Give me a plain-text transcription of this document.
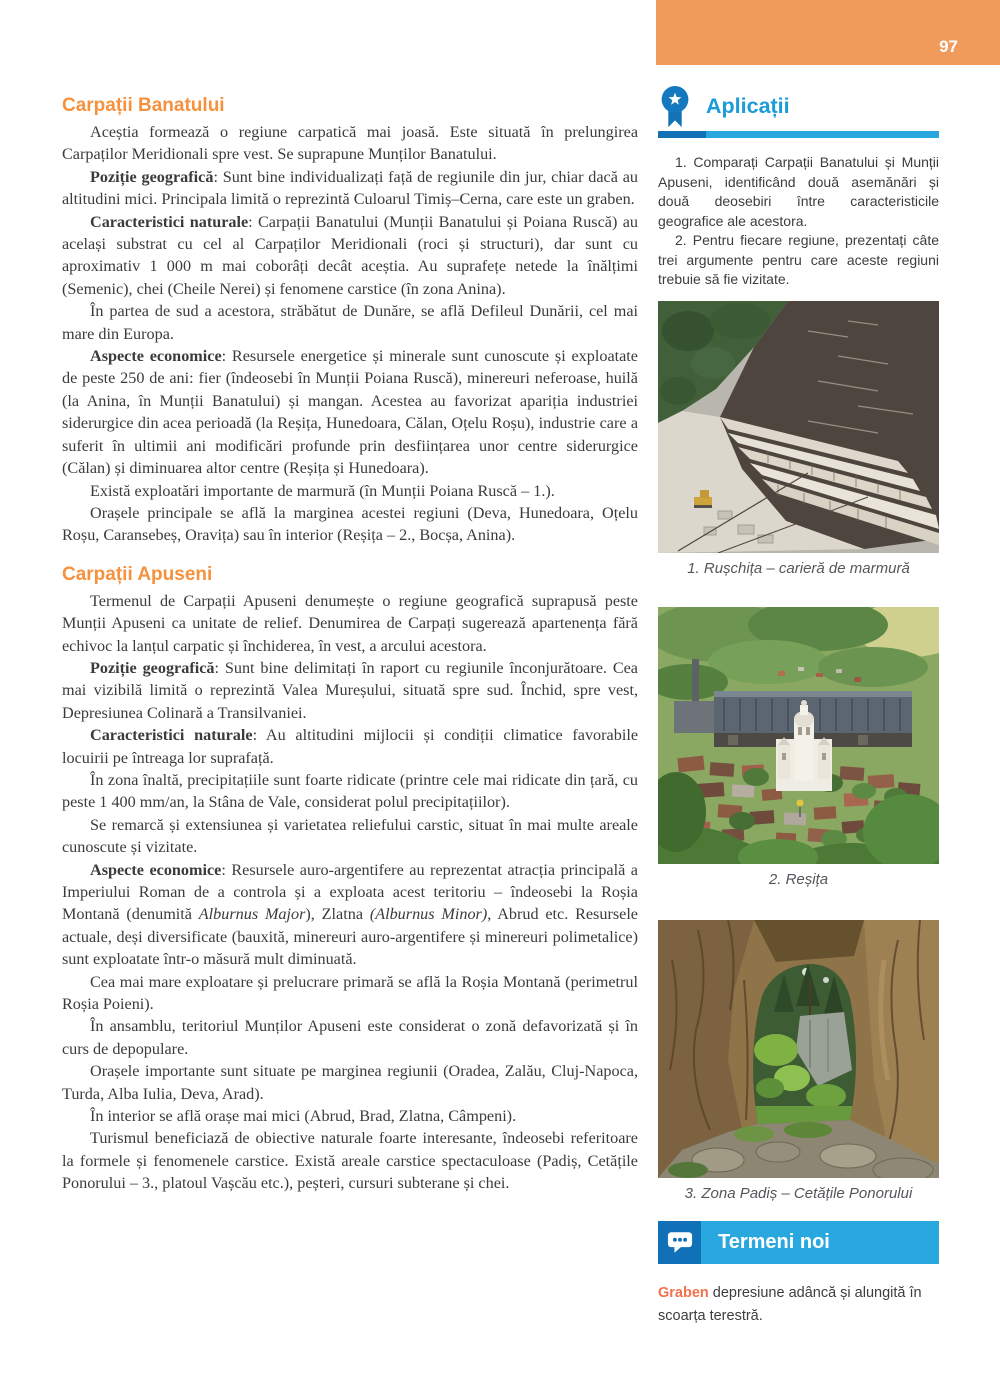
97
Carpații Banatului

Aceștia formează o regiune carpatică mai joasă. Este situată în prelungirea Carpaților Meridionali spre vest. Se suprapune Munților Banatului.

Poziție geografică: Sunt bine individualizați față de regiunile din jur, chiar dacă au altitudini mici. Principala limită o reprezintă Culoarul Timiș–Cerna, care este un graben.

Caracteristici naturale: Carpații Banatului (Munții Banatului și Poiana Ruscă) au același substrat cu cel al Carpaților Meridionali (roci și structuri), dar sunt cu aproximativ 1 000 m mai coborâți decât aceștia. Au suprafețe netede la înălțimi (Semenic), chei (Cheile Nerei) și fenomene carstice (în zona Anina).

În partea de sud a acestora, străbătut de Dunăre, se află Defileul Dunării, cel mai mare din Europa.

Aspecte economice: Resursele energetice și minerale sunt cunoscute și exploatate de peste 250 de ani: fier (îndeosebi în Munții Poiana Ruscă), minereuri neferoase, huilă (la Anina, în Munții Banatului) și mangan. Acestea au favorizat apariția industriei siderurgice din acea perioadă (la Reșița, Hunedoara, Călan, Oțelu Roșu), industrie care a suferit în ultimii ani modificări profunde prin desființarea unor centre siderurgice (Călan) și diminuarea altor centre (Reșița și Hunedoara).

Există exploatări importante de marmură (în Munții Poiana Ruscă – 1.).

Orașele principale se află la marginea acestei regiuni (Deva, Hunedoara, Oțelu Roșu, Caransebeș, Oravița) sau în interior (Reșița – 2., Bocșa, Anina).

Carpații Apuseni

Termenul de Carpații Apuseni denumește o regiune geografică suprapusă peste Munții Apuseni ca unitate de relief. Denumirea de Carpați sugerează apartenența fără echivoc la lanțul carpatic și închiderea, în vest, a arcului acestora.

Poziție geografică: Sunt bine delimitați în raport cu regiunile înconjurătoare. Cea mai vizibilă limită o reprezintă Valea Mureșului, situată spre sud. Închid, spre vest, Depresiunea Colinară a Transilvaniei.

Caracteristici naturale: Au altitudini mijlocii și condiții climatice favorabile locuirii pe întreaga lor suprafață.

În zona înaltă, precipitațiile sunt foarte ridicate (printre cele mai ridicate din țară, cu peste 1 400 mm/an, la Stâna de Vale, considerat polul precipitațiilor).

Se remarcă și extensiunea și varietatea reliefului carstic, situat în mai multe areale cunoscute și vizitate.

Aspecte economice: Resursele auro-argentifere au reprezentat atracția principală a Imperiului Roman de a controla și a exploata acest teritoriu – îndeosebi la Roșia Montană (denumită Alburnus Major), Zlatna (Alburnus Minor), Abrud etc. Resursele actuale, deși diversificate (bauxită, minereuri auro-argentifere și minereuri polimetalice) sunt exploatate într-o măsură mult diminuată.

Cea mai mare exploatare și prelucrare primară se află la Roșia Montană (perimetrul Roșia Poieni).

În ansamblu, teritoriul Munților Apuseni este considerat o zonă defavorizată și în curs de depopulare.

Orașele importante sunt situate pe marginea regiunii (Oradea, Zalău, Cluj-Napoca, Turda, Alba Iulia, Deva, Arad).

În interior se află orașe mai mici (Abrud, Brad, Zlatna, Câmpeni).

Turismul beneficiază de obiective naturale foarte interesante, îndeosebi referitoare la formele și fenomenele carstice. Există areale carstice spectaculoase (Padiș, Cetățile Ponorului – 3., platoul Vașcău etc.), peșteri, cursuri subterane și chei.

Aplicații

1. Comparați Carpații Banatului și Munții Apuseni, identificând două asemănări și două deosebiri între caracteristicile geografice ale acestora.

2. Pentru fiecare regiune, prezentați câte trei argumente pentru care aceste regiuni trebuie să fie vizitate.

1. Rușchița – carieră de marmură
2. Reșița
3. Zona Padiș – Cetățile Ponorului
Termeni noi

Graben depresiune adâncă și alungită în scoarța terestră.
